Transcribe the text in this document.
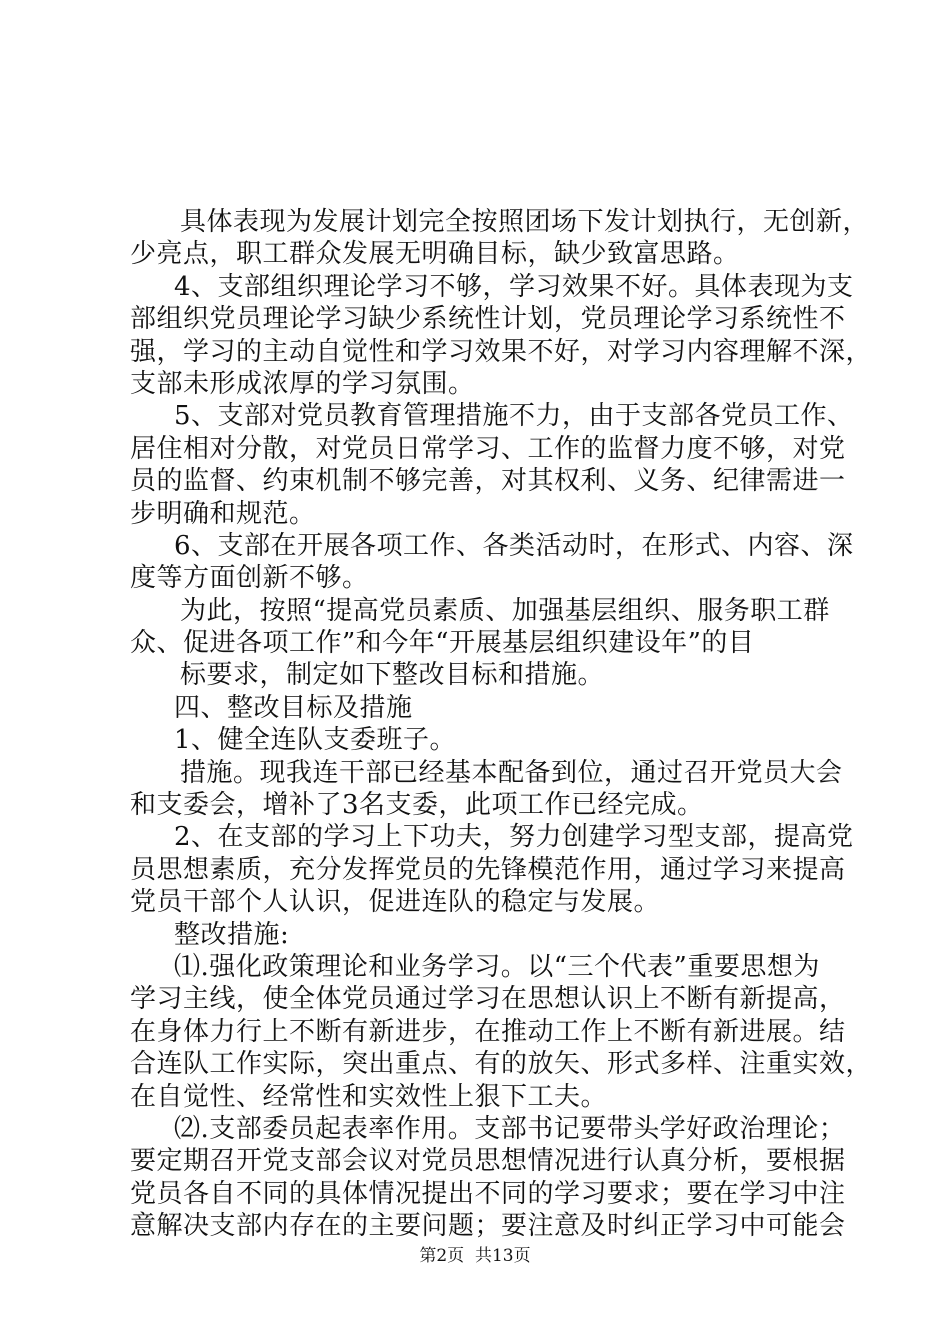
具体表现为发展计划完全按照团场下发计划执行，无创新，
少亮点，职工群众发展无明确目标，缺少致富思路。
4、支部组织理论学习不够，学习效果不好。具体表现为支
部组织党员理论学习缺少系统性计划，党员理论学习系统性不
强，学习的主动自觉性和学习效果不好，对学习内容理解不深，
支部未形成浓厚的学习氛围。
5、支部对党员教育管理措施不力，由于支部各党员工作、
居住相对分散，对党员日常学习、工作的监督力度不够，对党
员的监督、约束机制不够完善，对其权利、义务、纪律需进一
步明确和规范。
6、支部在开展各项工作、各类活动时，在形式、内容、深
度等方面创新不够。
为此，按照“提高党员素质、加强基层组织、服务职工群
众、促进各项工作”和今年“开展基层组织建设年”的目
标要求，制定如下整改目标和措施。
四、整改目标及措施
1、健全连队支委班子。
措施。现我连干部已经基本配备到位，通过召开党员大会
和支委会，增补了3名支委，此项工作已经完成。
2、在支部的学习上下功夫，努力创建学习型支部，提高党
员思想素质，充分发挥党员的先锋模范作用，通过学习来提高
党员干部个人认识，促进连队的稳定与发展。
整改措施:
⑴.强化政策理论和业务学习。以“三个代表”重要思想为
学习主线，使全体党员通过学习在思想认识上不断有新提高，
在身体力行上不断有新进步，在推动工作上不断有新进展。结
合连队工作实际，突出重点、有的放矢、形式多样、注重实效，
在自觉性、经常性和实效性上狠下工夫。
⑵.支部委员起表率作用。支部书记要带头学好政治理论；
要定期召开党支部会议对党员思想情况进行认真分析，要根据
党员各自不同的具体情况提出不同的学习要求；要在学习中注
意解决支部内存在的主要问题；要注意及时纠正学习中可能会
第2页  共13页
